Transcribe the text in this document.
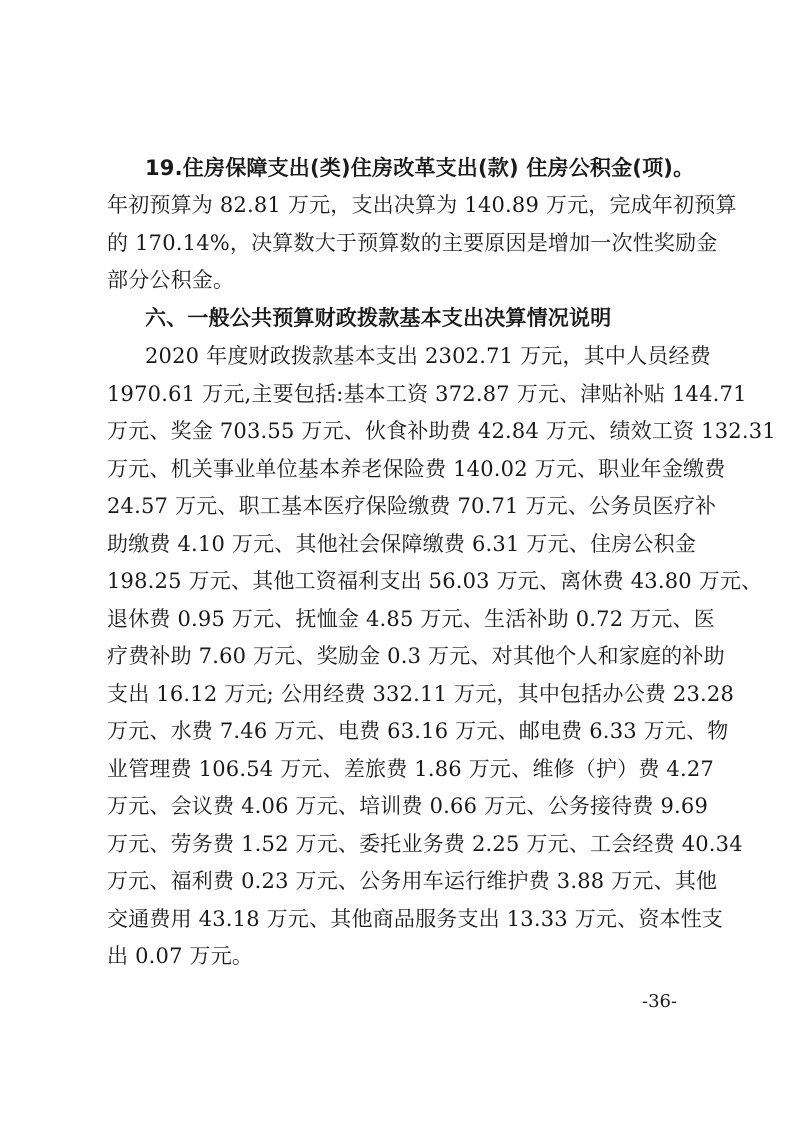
19.住房保障支出(类)住房改革支出(款) 住房公积金(项)。
年初预算为 82.81 万元，支出决算为 140.89 万元，完成年初预算
的 170.14%，决算数大于预算数的主要原因是增加一次性奖励金
部分公积金。
六、一般公共预算财政拨款基本支出决算情况说明
2020 年度财政拨款基本支出 2302.71 万元，其中人员经费
1970.61 万元,主要包括:基本工资 372.87 万元、津贴补贴 144.71
万元、奖金 703.55 万元、伙食补助费 42.84 万元、绩效工资 132.31
万元、机关事业单位基本养老保险费 140.02 万元、职业年金缴费
24.57 万元、职工基本医疗保险缴费 70.71 万元、公务员医疗补
助缴费 4.10 万元、其他社会保障缴费 6.31 万元、住房公积金
198.25 万元、其他工资福利支出 56.03 万元、离休费 43.80 万元、
退休费 0.95 万元、抚恤金 4.85 万元、生活补助 0.72 万元、医
疗费补助 7.60 万元、奖励金 0.3 万元、对其他个人和家庭的补助
支出 16.12 万元; 公用经费 332.11 万元，其中包括办公费 23.28
万元、水费 7.46 万元、电费 63.16 万元、邮电费 6.33 万元、物
业管理费 106.54 万元、差旅费 1.86 万元、维修（护）费 4.27
万元、会议费 4.06 万元、培训费 0.66 万元、公务接待费 9.69
万元、劳务费 1.52 万元、委托业务费 2.25 万元、工会经费 40.34
万元、福利费 0.23 万元、公务用车运行维护费 3.88 万元、其他
交通费用 43.18 万元、其他商品服务支出 13.33 万元、资本性支
出 0.07 万元。
-36-
